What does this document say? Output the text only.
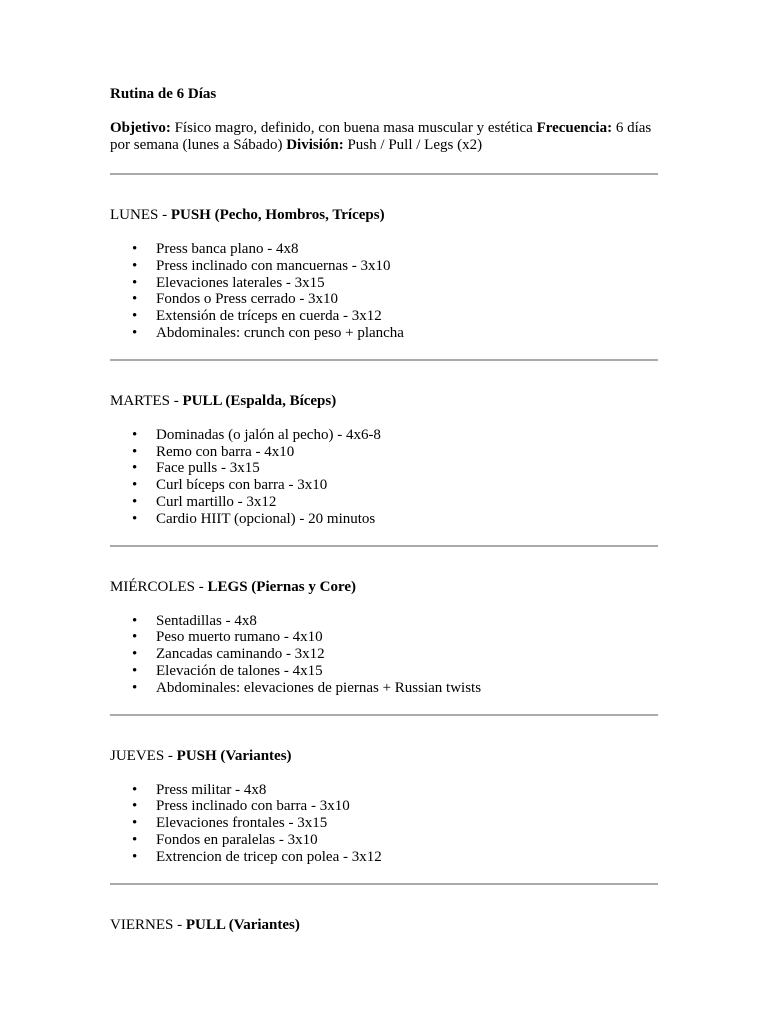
Rutina de 6 Días

Objetivo: Físico magro, definido, con buena masa muscular y estética Frecuencia: 6 días por semana (lunes a Sábado) División: Push / Pull / Legs (x2)

LUNES - PUSH (Pecho, Hombros, Tríceps)

• Press banca plano - 4x8
• Press inclinado con mancuernas - 3x10
• Elevaciones laterales - 3x15
• Fondos o Press cerrado - 3x10
• Extensión de tríceps en cuerda - 3x12
• Abdominales: crunch con peso + plancha

MARTES - PULL (Espalda, Bíceps)

• Dominadas (o jalón al pecho) - 4x6-8
• Remo con barra - 4x10
• Face pulls - 3x15
• Curl bíceps con barra - 3x10
• Curl martillo - 3x12
• Cardio HIIT (opcional) - 20 minutos

MIÉRCOLES - LEGS (Piernas y Core)

• Sentadillas - 4x8
• Peso muerto rumano - 4x10
• Zancadas caminando - 3x12
• Elevación de talones - 4x15
• Abdominales: elevaciones de piernas + Russian twists

JUEVES - PUSH (Variantes)

• Press militar - 4x8
• Press inclinado con barra - 3x10
• Elevaciones frontales - 3x15
• Fondos en paralelas - 3x10
• Extrencion de tricep con polea - 3x12

VIERNES - PULL (Variantes)
